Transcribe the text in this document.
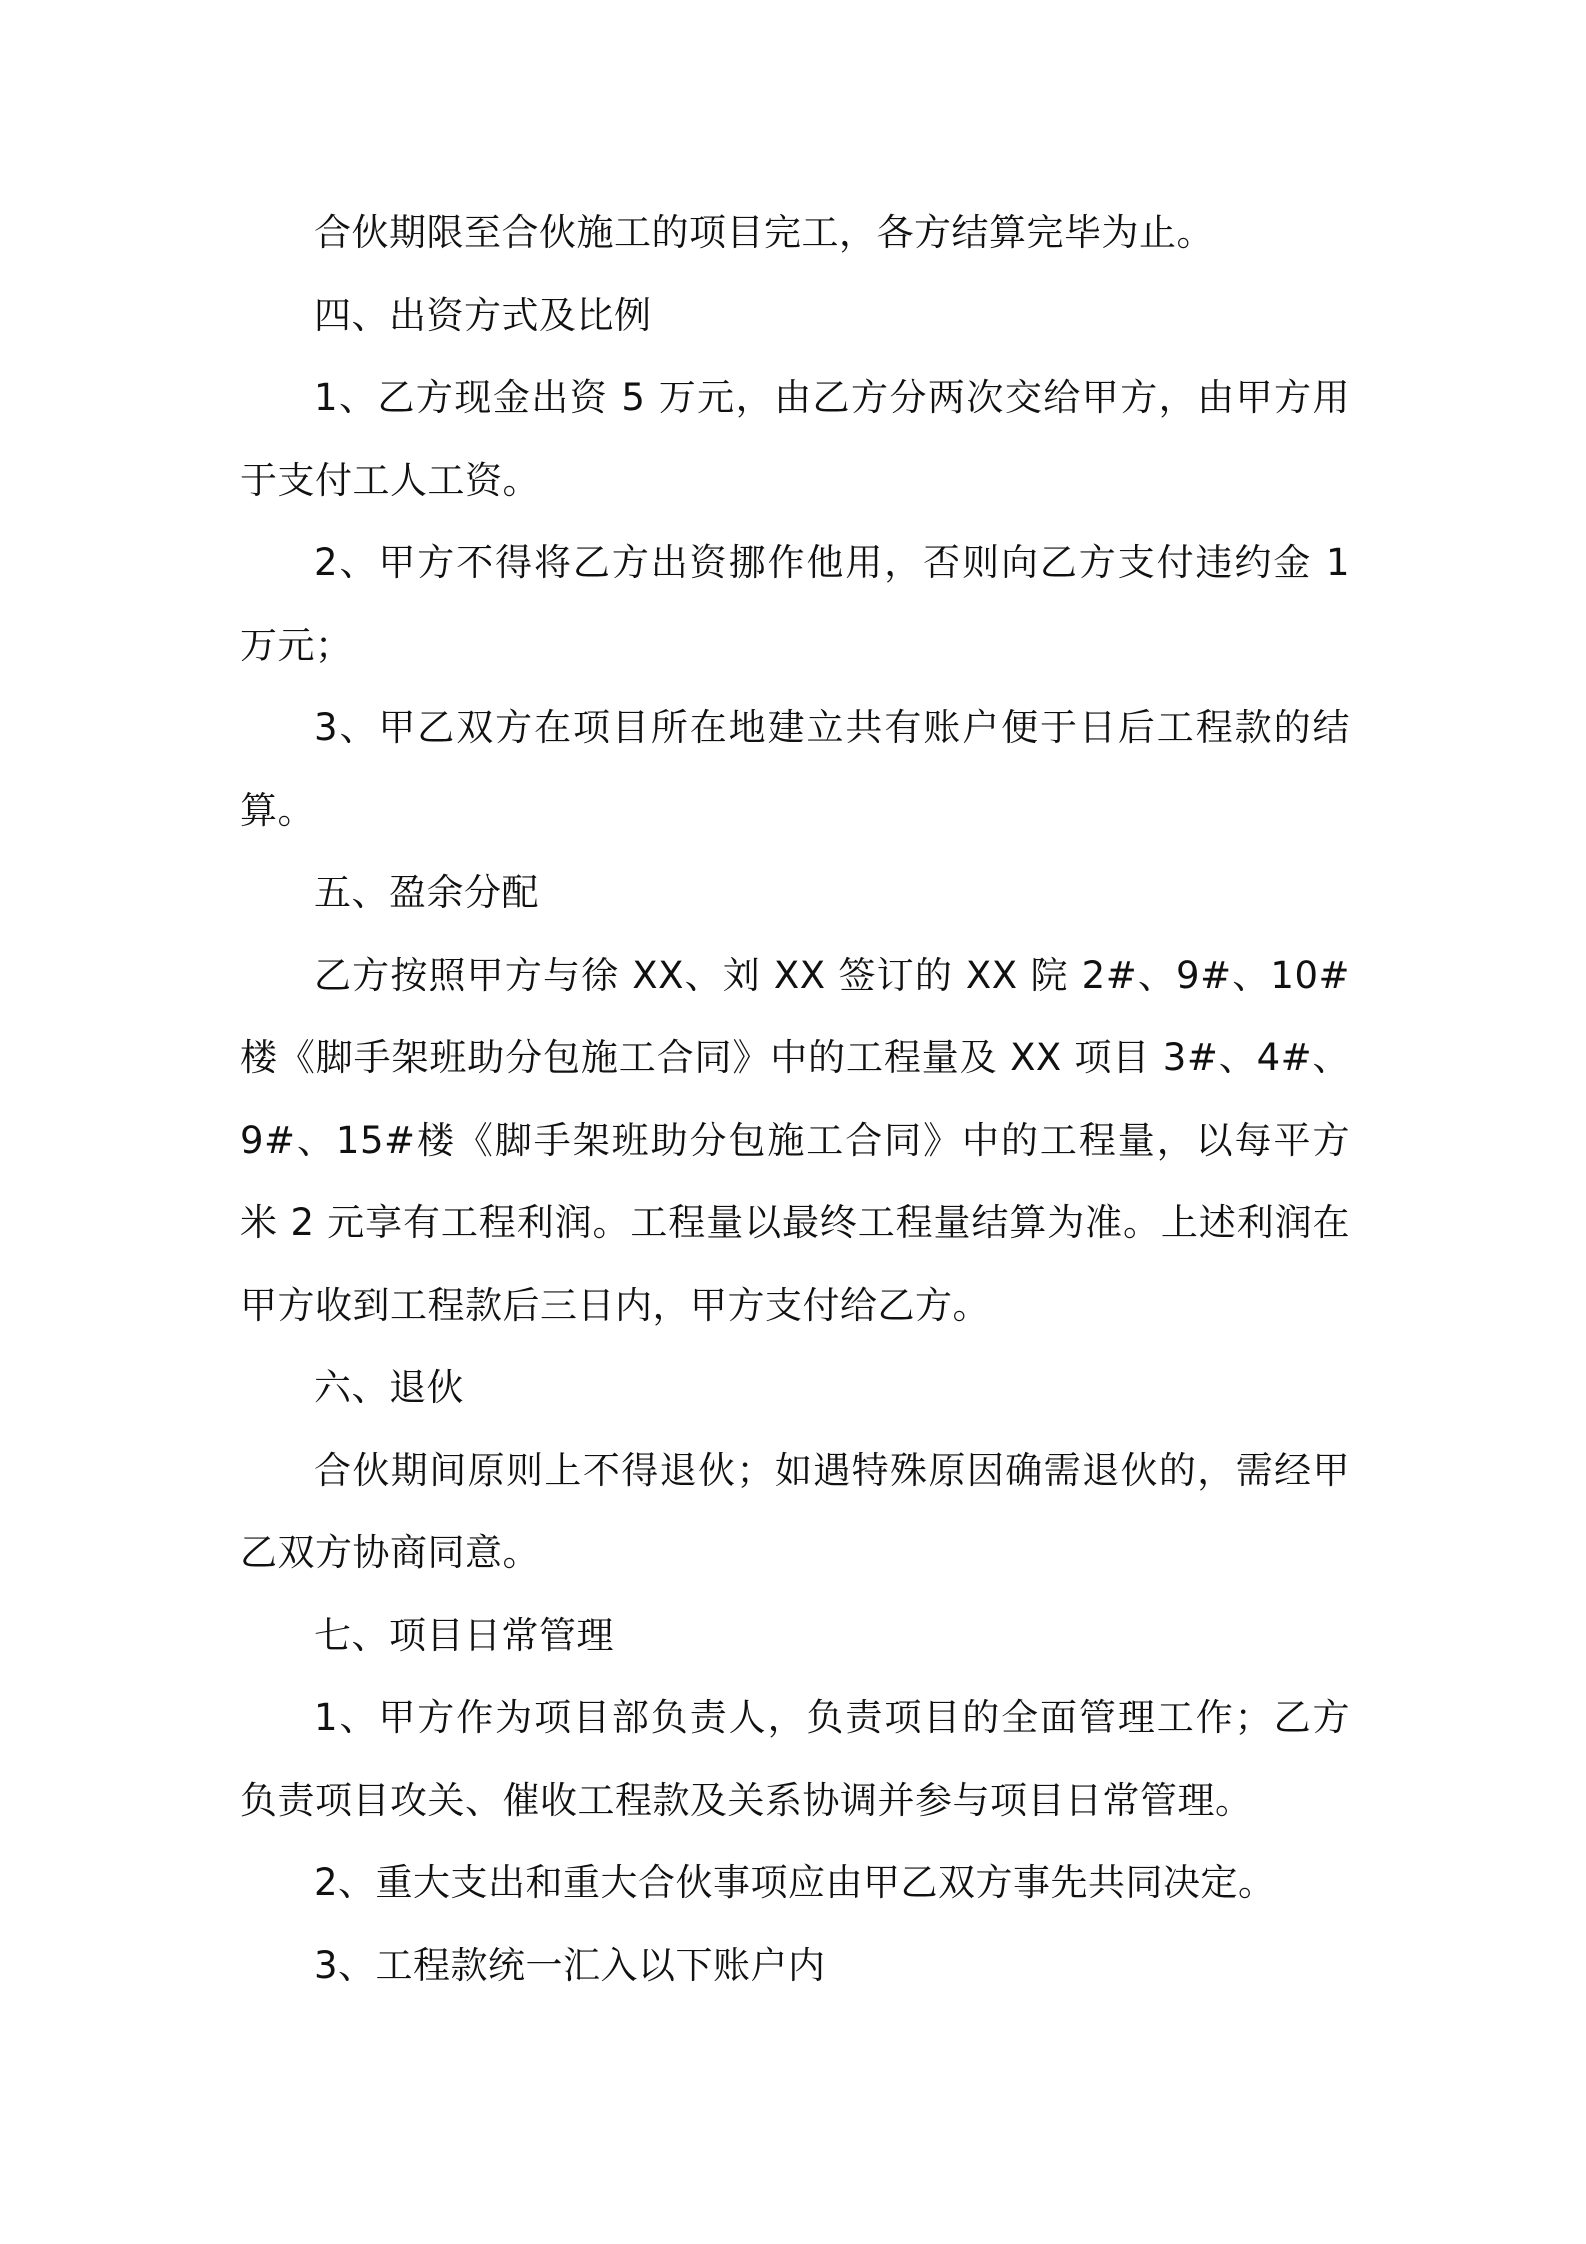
合伙期限至合伙施工的项目完工，各方结算完毕为止。

四、出资方式及比例

1、乙方现金出资 5 万元，由乙方分两次交给甲方，由甲方用于支付工人工资。

2、甲方不得将乙方出资挪作他用，否则向乙方支付违约金 1 万元；

3、甲乙双方在项目所在地建立共有账户便于日后工程款的结算。

五、盈余分配

乙方按照甲方与徐 XX、刘 XX 签订的 XX 院 2#、9#、10#楼《脚手架班助分包施工合同》中的工程量及 XX 项目 3#、4#、9#、15#楼《脚手架班助分包施工合同》中的工程量，以每平方米 2 元享有工程利润。工程量以最终工程量结算为准。上述利润在甲方收到工程款后三日内，甲方支付给乙方。

六、退伙

合伙期间原则上不得退伙；如遇特殊原因确需退伙的，需经甲乙双方协商同意。

七、项目日常管理

1、甲方作为项目部负责人，负责项目的全面管理工作；乙方负责项目攻关、催收工程款及关系协调并参与项目日常管理。

2、重大支出和重大合伙事项应由甲乙双方事先共同决定。

3、工程款统一汇入以下账户内
